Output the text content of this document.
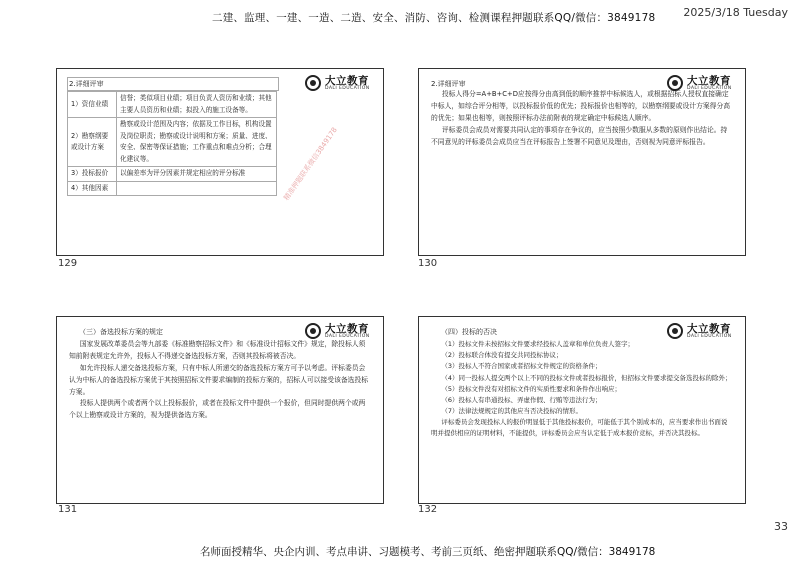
二建、监理、一建、一造、二造、安全、消防、咨询、检测课程押题联系QQ/微信：3849178	2025/3/18 Tuesday
2.详细评审	大立教育
DALI EDUCATION
1）资信业绩	信誉；类似项目业绩；项目负责人资历和业绩；其他主要人员资历和业绩；拟投入的施工设备等。
2）勘察纲要或设计方案	勘察或设计范围及内容；依据及工作目标，机构设置及岗位职责；勘察或设计说明和方案；质量、进度、安全、保密等保证措施；工作重点和难点分析；合理化建议等。
3）投标报价	以偏差率为评分因素并规定相应的评分标准
4）其他因素		精准押题联系微信3849178
129
2.详细评审	大立教育
DALI EDUCATION

投标人得分=A+B+C+D应按得分由高到低的顺序推荐中标候选人，或根据招标人授权直接确定中标人，如综合评分相等，以投标报价低的优先；投标报价也相等的，以勘察纲要或设计方案得分高的优先；如果也相等，则按照评标办法前附表的规定确定中标候选人顺序。

评标委员会成员对需要共同认定的事项存在争议的，应当按照少数服从多数的原则作出结论。持不同意见的评标委员会成员应当在评标报告上签署不同意见及理由，否则视为同意评标报告。

130
（三）备选投标方案的规定	大立教育
DALI EDUCATION

国家发展改革委员会等九部委《标准勘察招标文件》和《标准设计招标文件》规定，除投标人须知前附表规定允许外，投标人不得递交备选投标方案，否则其投标将被否决。

如允许投标人递交备选投标方案，只有中标人所递交的备选投标方案方可予以考虑。评标委员会认为中标人的备选投标方案优于其按照招标文件要求编制的投标方案的，招标人可以接受该备选投标方案。

投标人提供两个或者两个以上投标报价，或者在投标文件中提供一个报价，但同时提供两个或两个以上勘察或设计方案的，视为提供备选方案。

131
（四）投标的否决	大立教育
DALI EDUCATION

（1）投标文件未按招标文件要求经投标人盖章和单位负责人签字；

（2）投标联合体没有提交共同投标协议；

（3）投标人不符合国家或者招标文件规定的资格条件；

（4）同一投标人提交两个以上不同的投标文件或者投标报价，但招标文件要求提交备选投标的除外；

（5）投标文件没有对招标文件的实质性要求和条件作出响应；

（6）投标人有串通投标、弄虚作假、行贿等违法行为；

（7）法律法规规定的其他应当否决投标的情形。

评标委员会发现投标人的报价明显低于其他投标报价，可能低于其个别成本的，应当要求作出书面说明并提供相应的证明材料，不能提供，评标委员会应当认定低于成本报价竞标，并否决其投标。

132
33
名师面授精华、央企内训、考点串讲、习题模考、考前三页纸、绝密押题联系QQ/微信：3849178
